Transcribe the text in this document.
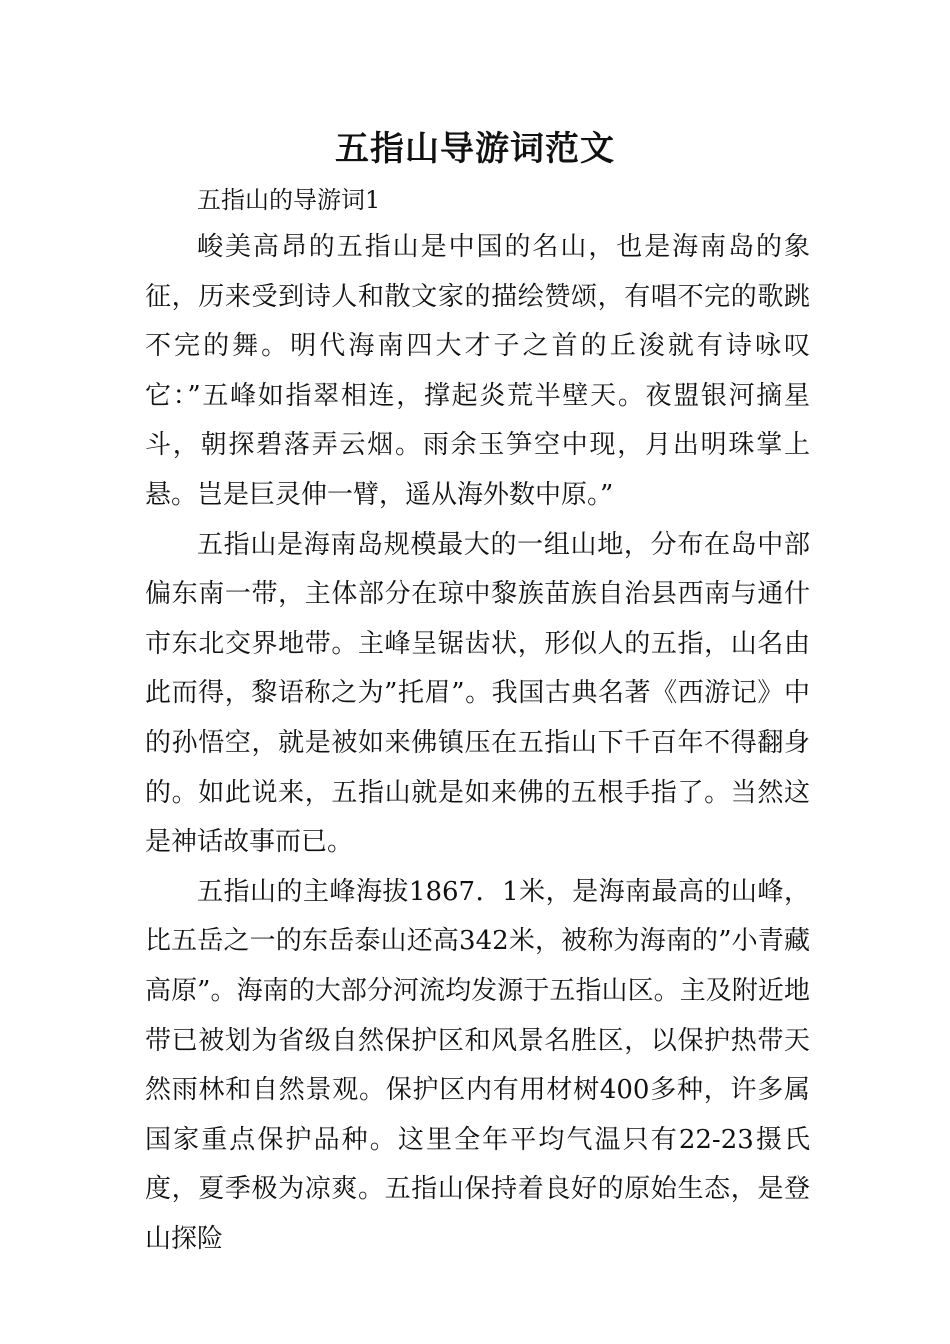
五指山导游词范文

五指山的导游词1

峻美高昂的五指山是中国的名山，也是海南岛的象征，历来受到诗人和散文家的描绘赞颂，有唱不完的歌跳不完的舞。明代海南四大才子之首的丘浚就有诗咏叹它：”五峰如指翠相连，撑起炎荒半壁天。夜盟银河摘星斗，朝探碧落弄云烟。雨余玉笋空中现，月出明珠掌上悬。岂是巨灵伸一臂，遥从海外数中原。”

五指山是海南岛规模最大的一组山地，分布在岛中部偏东南一带，主体部分在琼中黎族苗族自治县西南与通什市东北交界地带。主峰呈锯齿状，形似人的五指，山名由此而得，黎语称之为”托眉”。我国古典名著《西游记》中的孙悟空，就是被如来佛镇压在五指山下千百年不得翻身的。如此说来，五指山就是如来佛的五根手指了。当然这是神话故事而已。

五指山的主峰海拔1867．1米，是海南最高的山峰，比五岳之一的东岳泰山还高342米，被称为海南的”小青藏高原”。海南的大部分河流均发源于五指山区。主及附近地带已被划为省级自然保护区和风景名胜区，以保护热带天然雨林和自然景观。保护区内有用材树400多种，许多属国家重点保护品种。这里全年平均气温只有22-23摄氏度，夏季极为凉爽。五指山保持着良好的原始生态，是登山探险
